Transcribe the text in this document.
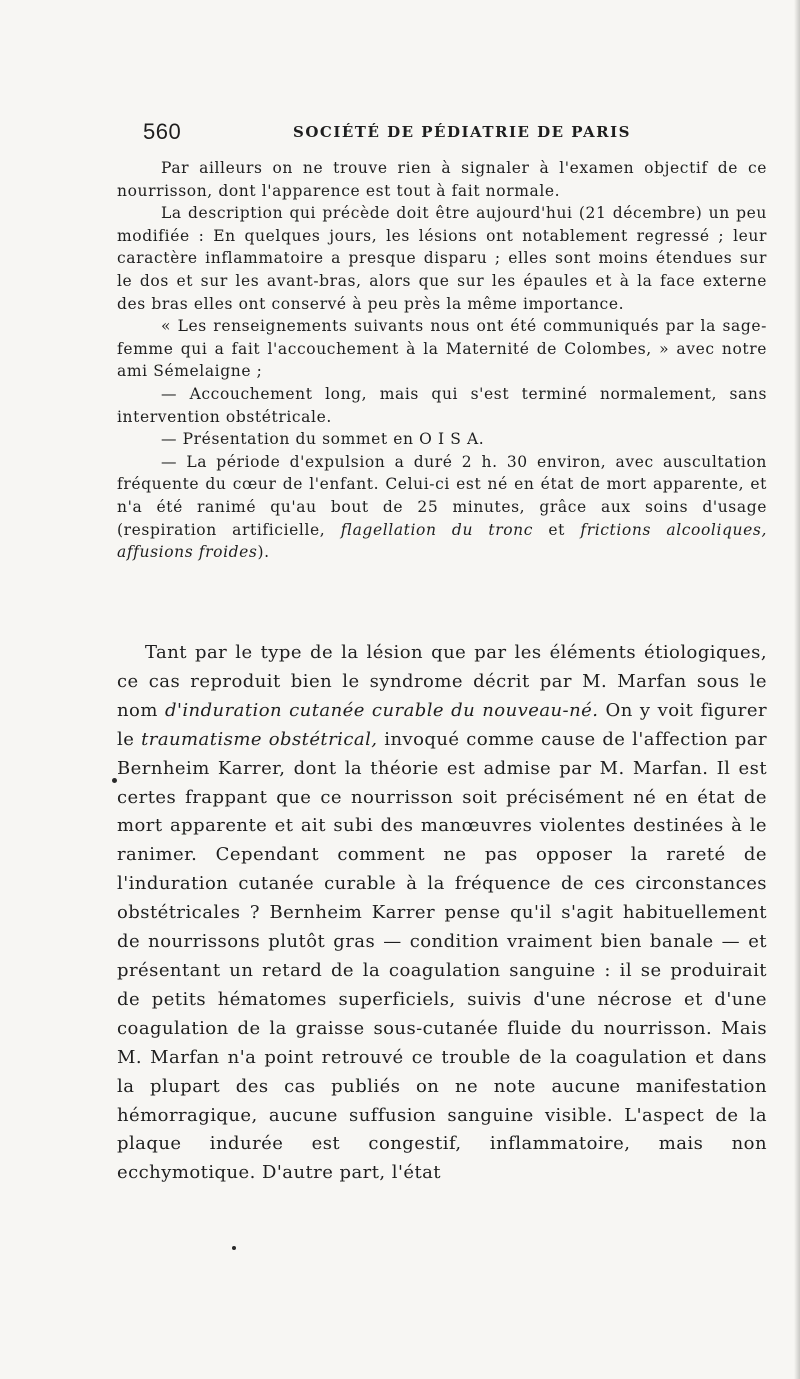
560	SOCIÉTÉ DE PÉDIATRIE DE PARIS

Par ailleurs on ne trouve rien à signaler à l'examen objectif de ce nourrisson, dont l'apparence est tout à fait normale.

La description qui précède doit être aujourd'hui (21 décembre) un peu modifiée : En quelques jours, les lésions ont notablement regressé ; leur caractère inflammatoire a presque disparu ; elles sont moins étendues sur le dos et sur les avant-bras, alors que sur les épaules et à la face externe des bras elles ont conservé à peu près la même importance.

« Les renseignements suivants nous ont été communiqués par la sage-femme qui a fait l'accouchement à la Maternité de Colombes, » avec notre ami Sémelaigne ;

— Accouchement long, mais qui s'est terminé normalement, sans intervention obstétricale.

— Présentation du sommet en O I S A.

— La période d'expulsion a duré 2 h. 30 environ, avec auscultation fréquente du cœur de l'enfant. Celui-ci est né en état de mort apparente, et n'a été ranimé qu'au bout de 25 minutes, grâce aux soins d'usage (respiration artificielle, flagellation du tronc et frictions alcooliques, affusions froides).

Tant par le type de la lésion que par les éléments étiologiques, ce cas reproduit bien le syndrome décrit par M. Marfan sous le nom d'induration cutanée curable du nouveau-né. On y voit figurer le traumatisme obstétrical, invoqué comme cause de l'affection par Bernheim Karrer, dont la théorie est admise par M. Marfan. Il est certes frappant que ce nourrisson soit précisément né en état de mort apparente et ait subi des manœuvres violentes destinées à le ranimer. Cependant comment ne pas opposer la rareté de l'induration cutanée curable à la fréquence de ces circonstances obstétricales ? Bernheim Karrer pense qu'il s'agit habituellement de nourrissons plutôt gras — condition vraiment bien banale — et présentant un retard de la coagulation sanguine : il se produirait de petits hématomes superficiels, suivis d'une nécrose et d'une coagulation de la graisse sous-cutanée fluide du nourrisson. Mais M. Marfan n'a point retrouvé ce trouble de la coagulation et dans la plupart des cas publiés on ne note aucune manifestation hémorragique, aucune suffusion sanguine visible. L'aspect de la plaque indurée est congestif, inflammatoire, mais non ecchymotique. D'autre part, l'état
